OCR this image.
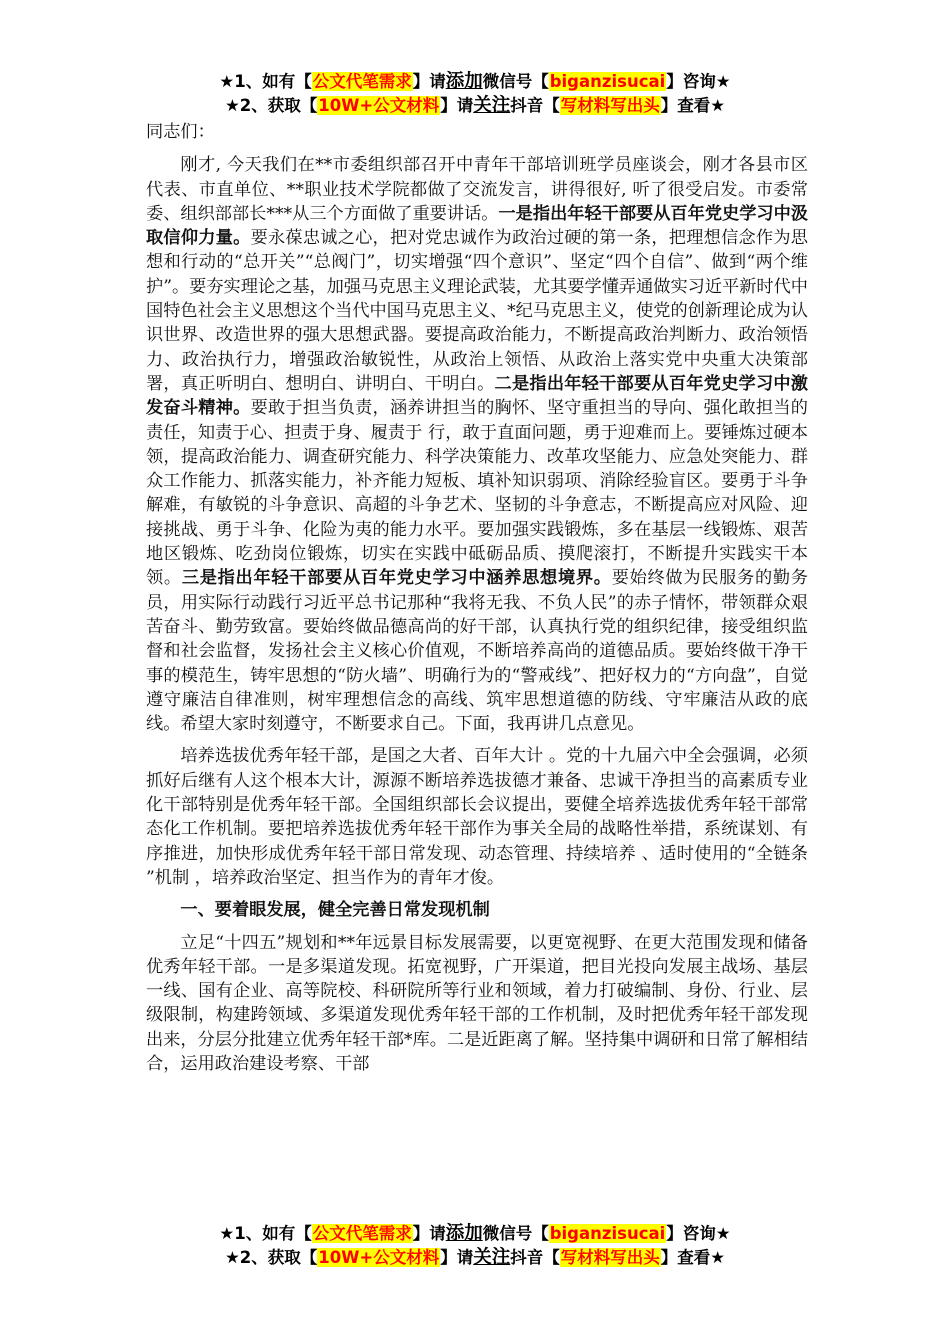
★1、如有【公文代笔需求】请添加微信号【biganzisucai】咨询★
★2、获取【10W+公文材料】请关注抖音【写材料写出头】查看★

同志们：

刚才, 今天我们在**市委组织部召开中青年干部培训班学员座谈会，刚才各县市区代表、市直单位、**职业技术学院都做了交流发言，讲得很好, 听了很受启发。市委常委、组织部部长***从三个方面做了重要讲话。一是指出年轻干部要从百年党史学习中汲取信仰力量。要永葆忠诚之心，把对党忠诚作为政治过硬的第一条，把理想信念作为思想和行动的“总开关”“总阀门”，切实增强“四个意识”、坚定“四个自信”、做到“两个维护”。要夯实理论之基，加强马克思主义理论武装，尤其要学懂弄通做实习近平新时代中国特色社会主义思想这个当代中国马克思主义、*纪马克思主义，使党的创新理论成为认识世界、改造世界的强大思想武器。要提高政治能力，不断提高政治判断力、政治领悟力、政治执行力，增强政治敏锐性，从政治上领悟、从政治上落实党中央重大决策部署，真正听明白、想明白、讲明白、干明白。二是指出年轻干部要从百年党史学习中激发奋斗精神。要敢于担当负责，涵养讲担当的胸怀、坚守重担当的导向、强化敢担当的责任，知责于心、担责于身、履责于 行，敢于直面问题，勇于迎难而上。要锤炼过硬本领，提高政治能力、调查研究能力、科学决策能力、改革攻坚能力、应急处突能力、群众工作能力、抓落实能力，补齐能力短板、填补知识弱项、消除经验盲区。要勇于斗争解难，有敏锐的斗争意识、高超的斗争艺术、坚韧的斗争意志，不断提高应对风险、迎接挑战、勇于斗争、化险为夷的能力水平。要加强实践锻炼，多在基层一线锻炼、艰苦地区锻炼、吃劲岗位锻炼，切实在实践中砥砺品质、摸爬滚打，不断提升实践实干本领。三是指出年轻干部要从百年党史学习中涵养思想境界。要始终做为民服务的勤务员，用实际行动践行习近平总书记那种“我将无我、不负人民”的赤子情怀，带领群众艰苦奋斗、勤劳致富。要始终做品德高尚的好干部，认真执行党的组织纪律，接受组织监督和社会监督，发扬社会主义核心价值观，不断培养高尚的道德品质。要始终做干净干事的模范生，铸牢思想的“防火墙”、明确行为的“警戒线”、把好权力的“方向盘”，自觉遵守廉洁自律准则，树牢理想信念的高线、筑牢思想道德的防线、守牢廉洁从政的底线。希望大家时刻遵守，不断要求自己。下面，我再讲几点意见。

培养选拔优秀年轻干部，是国之大者、百年大计 。党的十九届六中全会强调，必须抓好后继有人这个根本大计，源源不断培养选拔德才兼备、忠诚干净担当的高素质专业化干部特别是优秀年轻干部。全国组织部长会议提出，要健全培养选拔优秀年轻干部常态化工作机制。要把培养选拔优秀年轻干部作为事关全局的战略性举措，系统谋划、有序推进，加快形成优秀年轻干部日常发现、动态管理、持续培养 、适时使用的“全链条 ”机制 ，培养政治坚定、担当作为的青年才俊。

一、要着眼发展，健全完善日常发现机制

立足“十四五”规划和**年远景目标发展需要，以更宽视野、在更大范围发现和储备优秀年轻干部。一是多渠道发现。拓宽视野，广开渠道，把目光投向发展主战场、基层一线、国有企业、高等院校、科研院所等行业和领域，着力打破编制、身份、行业、层级限制，构建跨领域、多渠道发现优秀年轻干部的工作机制，及时把优秀年轻干部发现出来，分层分批建立优秀年轻干部*库。二是近距离了解。坚持集中调研和日常了解相结合，运用政治建设考察、干部

★1、如有【公文代笔需求】请添加微信号【biganzisucai】咨询★
★2、获取【10W+公文材料】请关注抖音【写材料写出头】查看★
